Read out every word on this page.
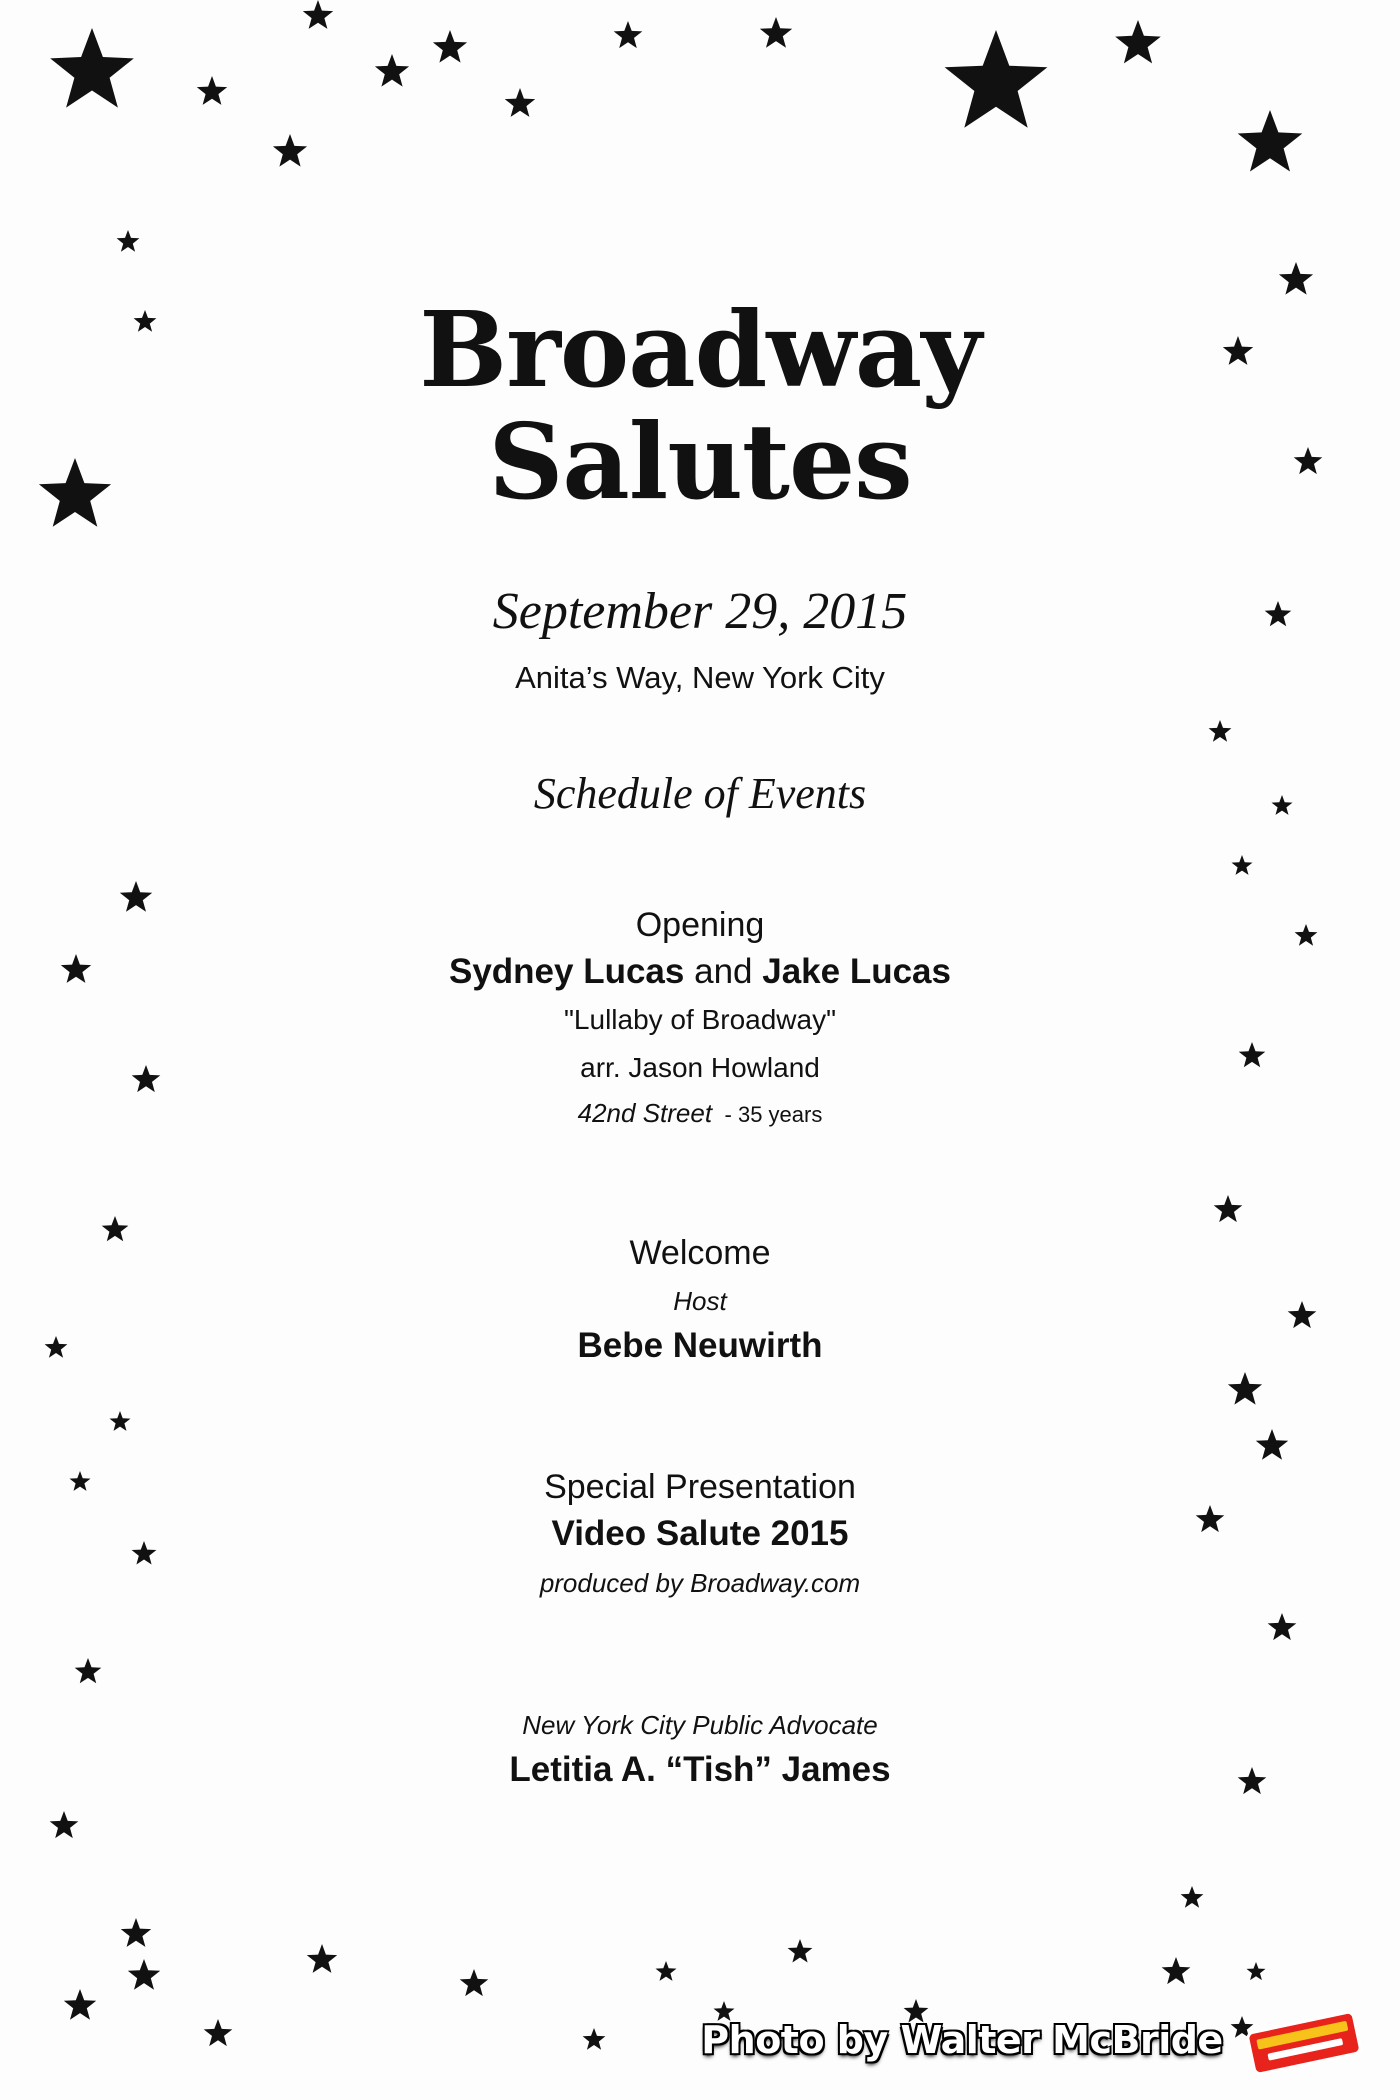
Broadway
Salutes
September 29, 2015
Anita’s Way, New York City
Schedule of Events
Opening
Sydney Lucas and Jake Lucas
"Lullaby of Broadway"
arr. Jason Howland
42nd Street - 35 years
Welcome
Host
Bebe Neuwirth
Special Presentation
Video Salute 2015
produced by Broadway.com
New York City Public Advocate
Letitia A. “Tish” James
Photo by Walter McBride
